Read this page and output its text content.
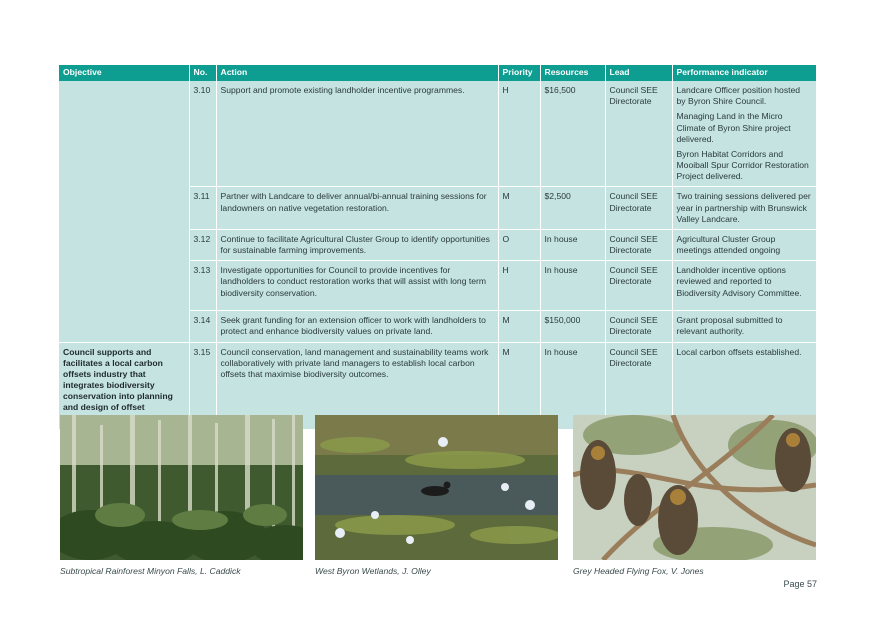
Objective	No.	Action	Priority	Resources	Lead	Performance indicator
	3.10	Support and promote existing landholder incentive programmes.	H	$16,500	Council SEE Directorate	Landcare Officer position hosted by Byron Shire Council.
Managing Land in the Micro Climate of Byron Shire project delivered.
Byron Habitat Corridors and Mooiball Spur Corridor Restoration Project delivered.

	3.11	Partner with Landcare to deliver annual/bi-annual training sessions for landowners on native vegetation restoration.	M	$2,500	Council SEE Directorate	Two training sessions delivered per year in partnership with Brunswick Valley Landcare.

	3.12	Continue to facilitate Agricultural Cluster Group to identify opportunities for sustainable farming improvements.	O	In house	Council SEE Directorate	Agricultural Cluster Group meetings attended ongoing

	3.13	Investigate opportunities for Council to provide incentives for landholders to conduct restoration works that will assist with long term biodiversity conservation.	H	In house	Council SEE Directorate	Landholder incentive options reviewed and reported to Biodiversity Advisory Committee.

	3.14	Seek grant funding for an extension officer to work with landholders to protect and enhance biodiversity values on private land.	M	$150,000	Council SEE Directorate	Grant proposal submitted to relevant authority.

Council supports and facilitates a local carbon offsets industry that integrates biodiversity conservation into planning and design of offset	3.15	Council conservation, land management and sustainability teams work collaboratively with private land managers to establish local carbon offsets that maximise biodiversity outcomes.	M	In house	Council SEE Directorate	Local carbon offsets established.
Subtropical Rainforest Minyon Falls, L. Caddick	West Byron Wetlands, J. Olley	Grey Headed Flying Fox, V. Jones
Page 57
